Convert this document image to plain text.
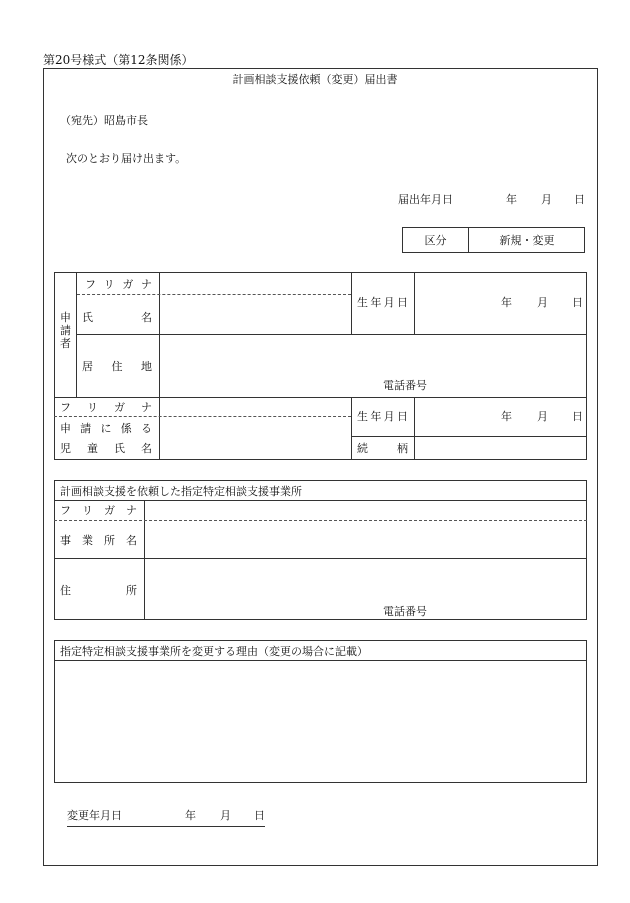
第20号様式（第12条関係）
計画相談支援依頼（変更）届出書
（宛先）昭島市長
次のとおり届け出ます。
届出年月日	年 月 日
区分	新規・変更
申
請
者
フ リ ガ ナ
氏	名
居 住 地
生 年 月 日	年 月 日
電話番号
フ リ ガ ナ
申 請 に 係 る
児 童 氏 名
生 年 月 日	年 月 日
続	柄
計画相談支援を依頼した指定特定相談支援事業所
フ リ ガ ナ
事 業 所 名
住	所
電話番号
指定特定相談支援事業所を変更する理由（変更の場合に記載）
変更年月日	年 月 日
